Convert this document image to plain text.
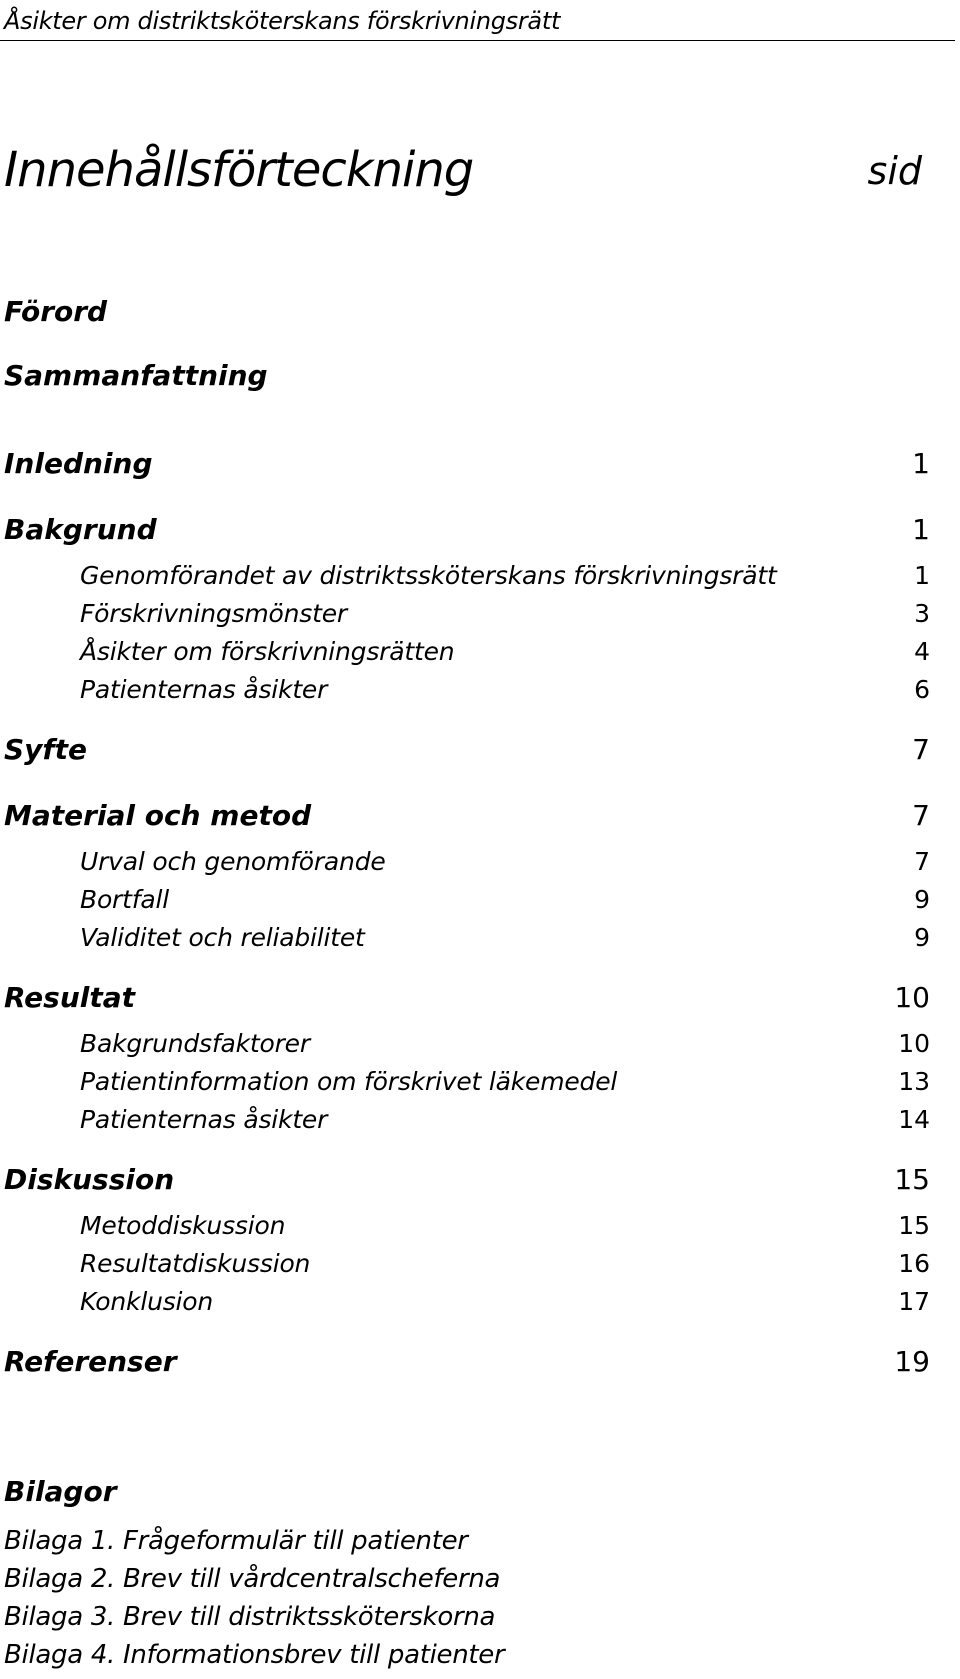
Åsikter om distriktsköterskans förskrivningsrätt
Innehållsförteckning	sid
Förord
Sammanfattning
Inledning	1
Bakgrund	1
Genomförandet av distriktssköterskans förskrivningsrätt	1
Förskrivningsmönster	3
Åsikter om förskrivningsrätten	4
Patienternas åsikter	6
Syfte	7
Material och metod	7
Urval och genomförande	7
Bortfall	9
Validitet och reliabilitet	9
Resultat	10
Bakgrundsfaktorer	10
Patientinformation om förskrivet läkemedel	13
Patienternas åsikter	14
Diskussion	15
Metoddiskussion	15
Resultatdiskussion	16
Konklusion	17
Referenser	19
Bilagor
Bilaga 1. Frågeformulär till patienter
Bilaga 2. Brev till vårdcentralscheferna
Bilaga 3. Brev till distriktssköterskorna
Bilaga 4. Informationsbrev till patienter
